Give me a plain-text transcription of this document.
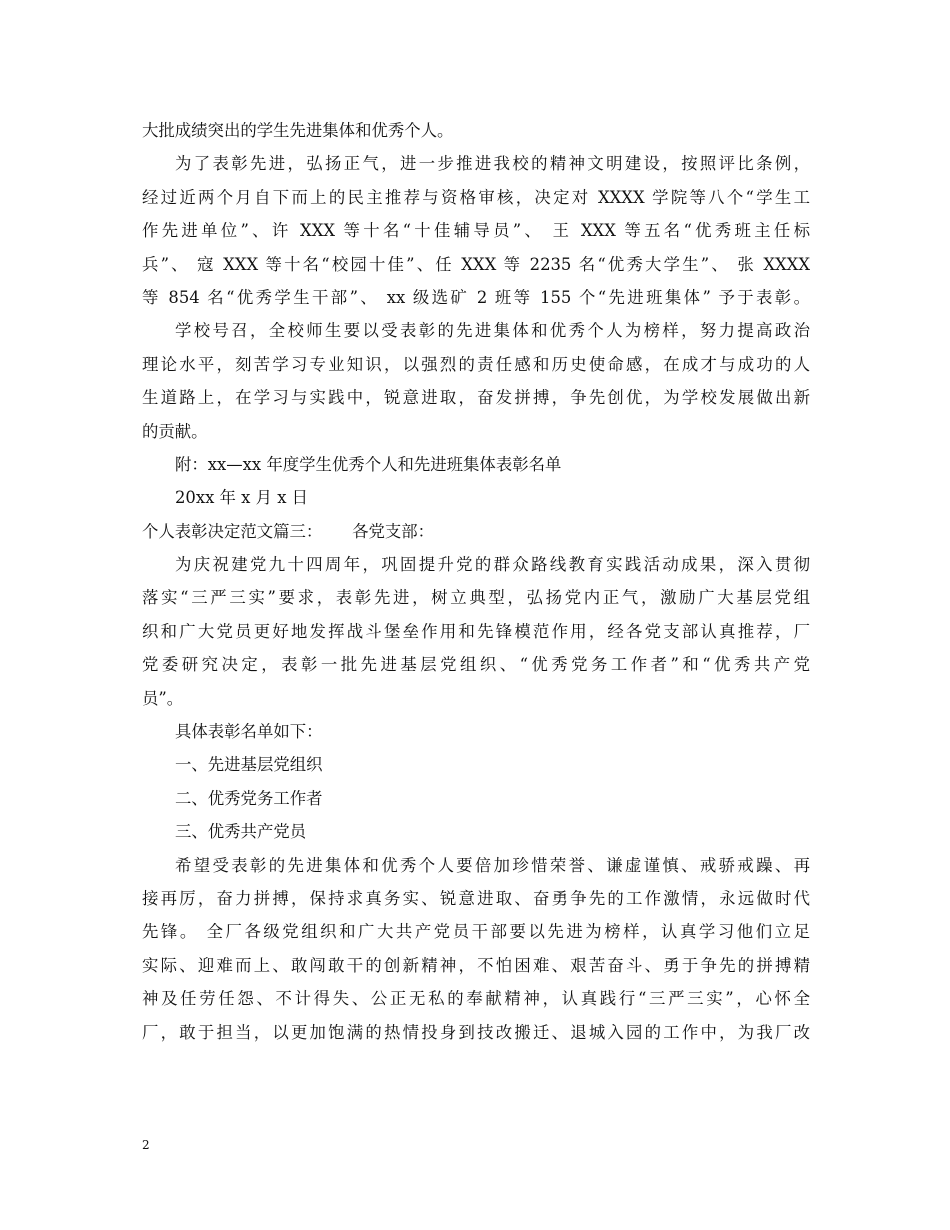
大批成绩突出的学生先进集体和优秀个人。
为了表彰先进，弘扬正气，进一步推进我校的精神文明建设，按照评比条例，
经过近两个月自下而上的民主推荐与资格审核，决定对 XXXX 学院等八个“学生工
作先进单位”、许 XXX 等十名“十佳辅导员”、 王 XXX 等五名“优秀班主任标
兵”、 寇 XXX 等十名“校园十佳”、任 XXX 等 2235 名“优秀大学生”、 张 XXXX
等 854 名“优秀学生干部”、 xx 级选矿 2 班等 155 个“先进班集体” 予于表彰。
学校号召，全校师生要以受表彰的先进集体和优秀个人为榜样，努力提高政治
理论水平，刻苦学习专业知识，以强烈的责任感和历史使命感，在成才与成功的人
生道路上，在学习与实践中，锐意进取，奋发拼搏，争先创优，为学校发展做出新
的贡献。
附：xx—xx 年度学生优秀个人和先进班集体表彰名单
20xx 年 x 月 x 日
个人表彰决定范文篇三：　　 各党支部：
为庆祝建党九十四周年，巩固提升党的群众路线教育实践活动成果，深入贯彻
落实“三严三实”要求，表彰先进，树立典型，弘扬党内正气，激励广大基层党组
织和广大党员更好地发挥战斗堡垒作用和先锋模范作用，经各党支部认真推荐，厂
党委研究决定，表彰一批先进基层党组织、“优秀党务工作者”和“优秀共产党
员”。
具体表彰名单如下：
一、先进基层党组织
二、优秀党务工作者
三、优秀共产党员
希望受表彰的先进集体和优秀个人要倍加珍惜荣誉、谦虚谨慎、戒骄戒躁、再
接再厉，奋力拼搏，保持求真务实、锐意进取、奋勇争先的工作激情，永远做时代
先锋。 全厂各级党组织和广大共产党员干部要以先进为榜样，认真学习他们立足
实际、迎难而上、敢闯敢干的创新精神，不怕困难、艰苦奋斗、勇于争先的拼搏精
神及任劳任怨、不计得失、公正无私的奉献精神，认真践行“三严三实”，心怀全
厂，敢于担当，以更加饱满的热情投身到技改搬迁、退城入园的工作中，为我厂改
2
